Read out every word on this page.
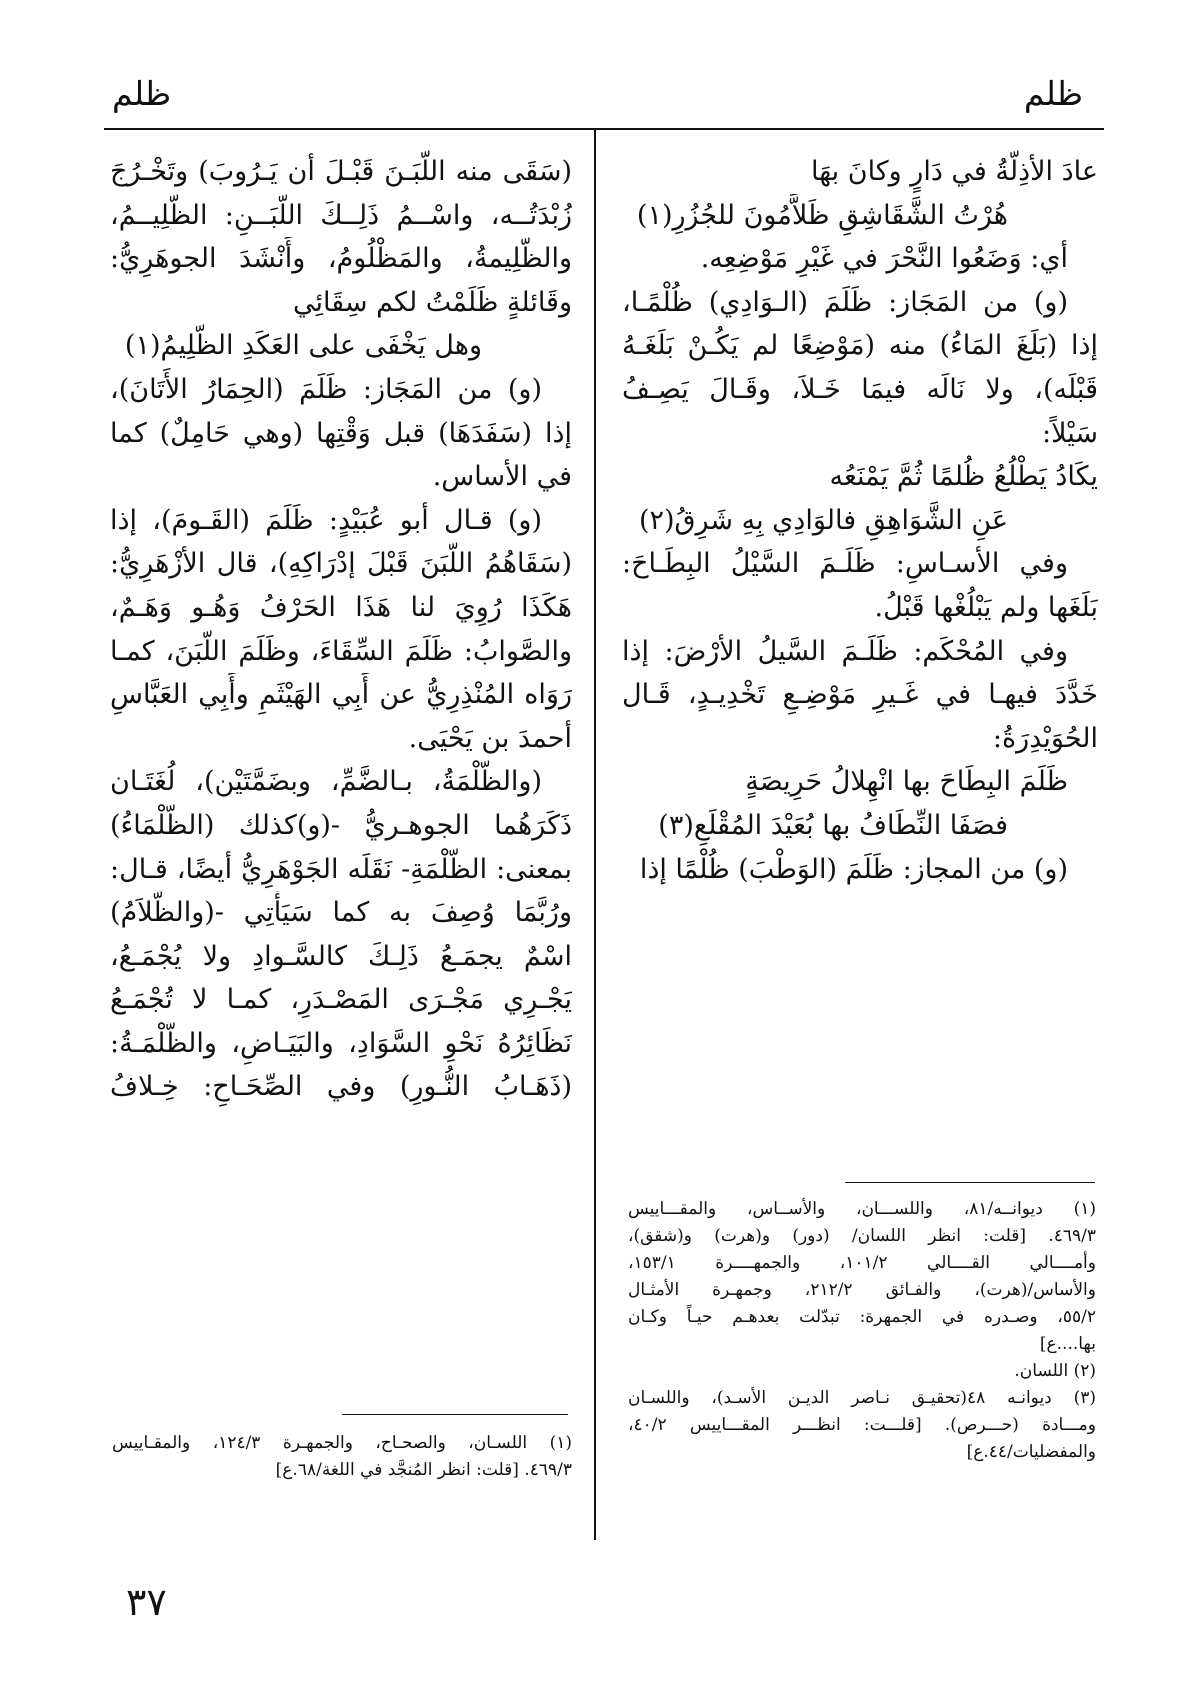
ظلم
ظلم
عادَ الأذِلَّةُ في دَارٍ وكانَ بهَا
هُرْتُ الشَّقَاشِقِ ظَلاَّمُونَ للجُزُرِ(١)
أي: وَضَعُوا النَّحْرَ في غَيْرِ مَوْضِعِه.
(و) من المَجَاز: ظَلَمَ (الـوَادِي) ظُلْمًـا،
إذا (بَلَغَ المَاءُ) منه (مَوْضِعًا لم يَكُـنْ بَلَغَـهُ
قَبْلَه)، ولا نَالَه فيمَا خَـلاَ، وقَـالَ يَصِـفُ
سَيْلاً:
يكَادُ يَطْلُعُ ظُلمًا ثُمَّ يَمْنَعُه
عَنِ الشَّوَاهِقِ فالوَادِي بِهِ شَرِقُ(٢)
وفي الأسـاسِ: ظَلَـمَ السَّيْلُ البِطَـاحَ:
بَلَغَها ولم يَبْلُغْها قَبْلُ.
وفي المُحْكَم: ظَلَـمَ السَّيلُ الأرْضَ: إذا
خَدَّدَ فيهـا في غَـيرِ مَوْضِـعِ تَخْدِيـدٍ، قَـال
الحُوَيْدِرَةُ:
ظَلَمَ البِطَاحَ بها انْهِلالُ حَرِيصَةٍ
فصَفَا النِّطَافُ بها بُعَيْدَ المُقْلَعِ(٣)
(و) من المجاز: ظَلَمَ (الوَطْبَ) ظُلْمًا إذا
(سَقَى منه اللَّبَـنَ قَبْـلَ أن يَـرُوبَ) وتَخْـرُجَ
زُبْدَتُــه، واسْــمُ ذَلِــكَ اللَّبَــنِ: الظَّلِيــمُ،
والظَّلِيمةُ، والمَظْلُومُ، وأَنْشَدَ الجوهَرِيُّ:
وقَائلةٍ ظَلَمْتُ لكم سِقَائِي
وهل يَخْفَى على العَكَدِ الظَّلِيمُ(١)
(و) من المَجَاز: ظَلَمَ (الحِمَارُ الأَتَانَ)،
إذا (سَفَدَهَا) قبل وَقْتِها (وهي حَامِلٌ) كما
في الأساس.
(و) قـال أبو عُبَيْدٍ: ظَلَمَ (القَـومَ)، إذا
(سَقَاهُمُ اللَّبَنَ قَبْلَ إدْرَاكِهِ)، قال الأزْهَرِيُّ:
هَكَذَا رُوِيَ لنا هَذَا الحَرْفُ وَهُـو وَهَـمٌ،
والصَّوابُ: ظَلَمَ السِّقَاءَ، وظَلَمَ اللَّبَنَ، كمـا
رَوَاه المُنْذِرِيُّ عن أَبِي الهَيْثَمِ وأَبِي العَبَّاسِ
أحمدَ بن يَحْيَى.
(والظُّلْمَةُ، بـالضَّمِّ، وبضَمَّتَيْن)، لُغَتَـان
ذَكَرَهُما الجوهـريُّ -(و)كذلك (الظُّلْمَاءُ)
بمعنى: الظُّلْمَةِ- نَقَلَه الجَوْهَرِيُّ أيضًا، قـال:
ورُبَّمَا وُصِفَ به كما سَيَأْتِي -(والظَّلاَمُ)
اسْمٌ يجمَـعُ ذَلِـكَ كالسَّـوادِ ولا يُجْمَـعُ،
يَجْـرِي مَجْـرَى المَصْـدَرِ، كمـا لا تُجْمَـعُ
نَظَائِرُهُ نَحْوِ السَّوَادِ، والبَيَـاضِ، والظُّلْمَـةُ:
(ذَهَـابُ النُّـورِ) وفي الصِّحَـاحِ: خِـلافُ
(١) ديوانــه/٨١، واللســـان، والأســاس، والمقـــاييس
٤٦٩/٣. [قلت: انظر اللسان/ (دور) و(هرت) و(شقق)،
وأمــــالي القــــالي ١٠١/٢، والجمهــــرة ١٥٣/١،
والأساس/(هرت)، والفـائق ٢١٢/٢، وجمهـرة الأمثـال
٥٥/٢، وصـدره في الجمهرة: تبدّلت بعدهـم حيـاً وكـان
بها....ع]
(٢) اللسان.
(٣) ديوانـه ٤٨(تحقيـق نـاصر الديـن الأسـد)، واللسـان
ومـــادة (حـــرص). [قلـــت: انظـــر المقـــاييس ٤٠/٢،
والمفضليات/٤٤.ع]
(١) اللسـان، والصحـاح، والجمهـرة ١٢٤/٣، والمقـاييس
٤٦٩/٣. [قلت: انظر المُنجَّد في اللغة/٦٨.ع]
٣٧
